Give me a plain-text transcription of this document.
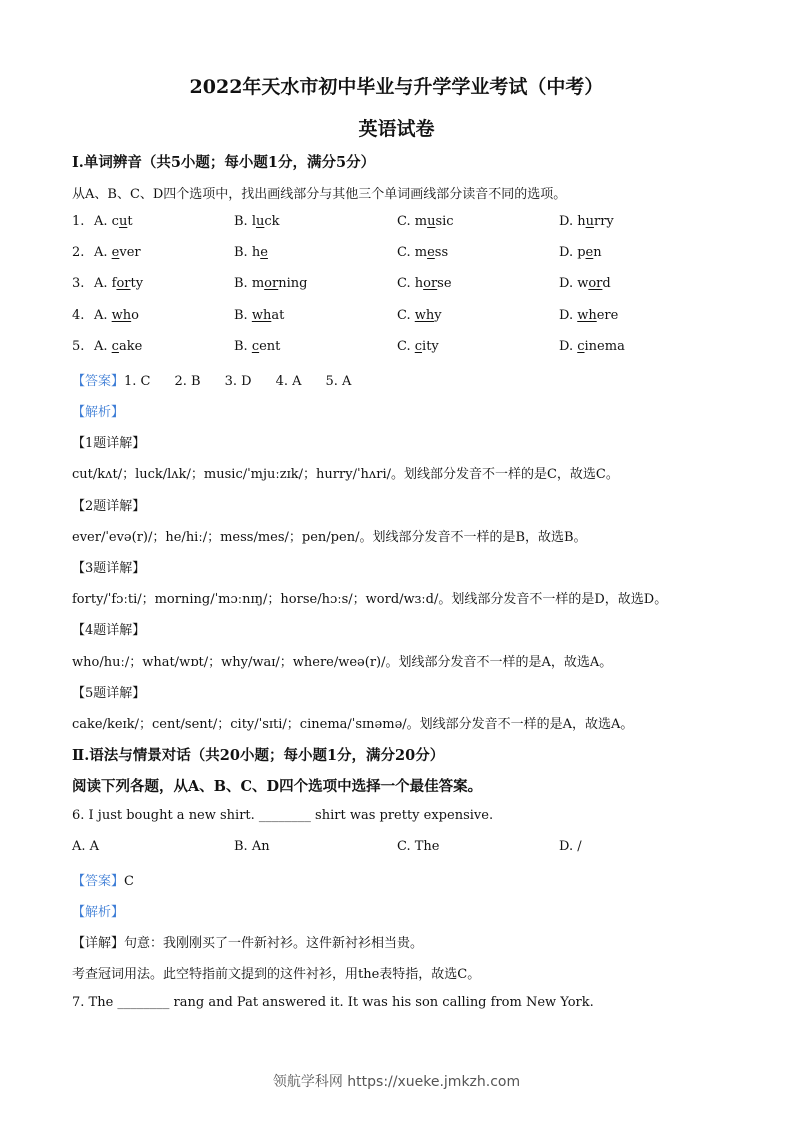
2022年天水市初中毕业与升学学业考试（中考）
英语试卷
Ⅰ.单词辨音（共5小题；每小题1分，满分5分）
从A、B、C、D四个选项中，找出画线部分与其他三个单词画线部分读音不同的选项。
1. A. cut	B. luck	C. music	D. hurry
2. A. ever	B. he	C. mess	D. pen
3. A. forty	B. morning	C. horse	D. word
4. A. who	B. what	C. why	D. where
5. A. cake	B. cent	C. city	D. cinema
【答案】1. C 2. B 3. D 4. A 5. A
【解析】
【1题详解】
cut/kʌt/；luck/lʌk/；music/ˈmjuːzɪk/；hurry/ˈhʌri/。划线部分发音不一样的是C，故选C。
【2题详解】
ever/ˈevə(r)/；he/hiː/；mess/mes/；pen/pen/。划线部分发音不一样的是B，故选B。
【3题详解】
forty/ˈfɔːti/；morning/ˈmɔːnɪŋ/；horse/hɔːs/；word/wɜːd/。划线部分发音不一样的是D，故选D。
【4题详解】
who/huː/；what/wɒt/；why/waɪ/；where/weə(r)/。划线部分发音不一样的是A，故选A。
【5题详解】
cake/keɪk/；cent/sent/；city/ˈsɪti/；cinema/ˈsɪnəmə/。划线部分发音不一样的是A，故选A。
Ⅱ.语法与情景对话（共20小题；每小题1分，满分20分）
阅读下列各题，从A、B、C、D四个选项中选择一个最佳答案。
6. I just bought a new shirt. ________ shirt was pretty expensive.
A. A	B. An	C. The	D. /
【答案】C
【解析】
【详解】句意：我刚刚买了一件新衬衫。这件新衬衫相当贵。
考查冠词用法。此空特指前文提到的这件衬衫，用the表特指，故选C。
7. The ________ rang and Pat answered it. It was his son calling from New York.
领航学科网 https://xueke.jmkzh.com
